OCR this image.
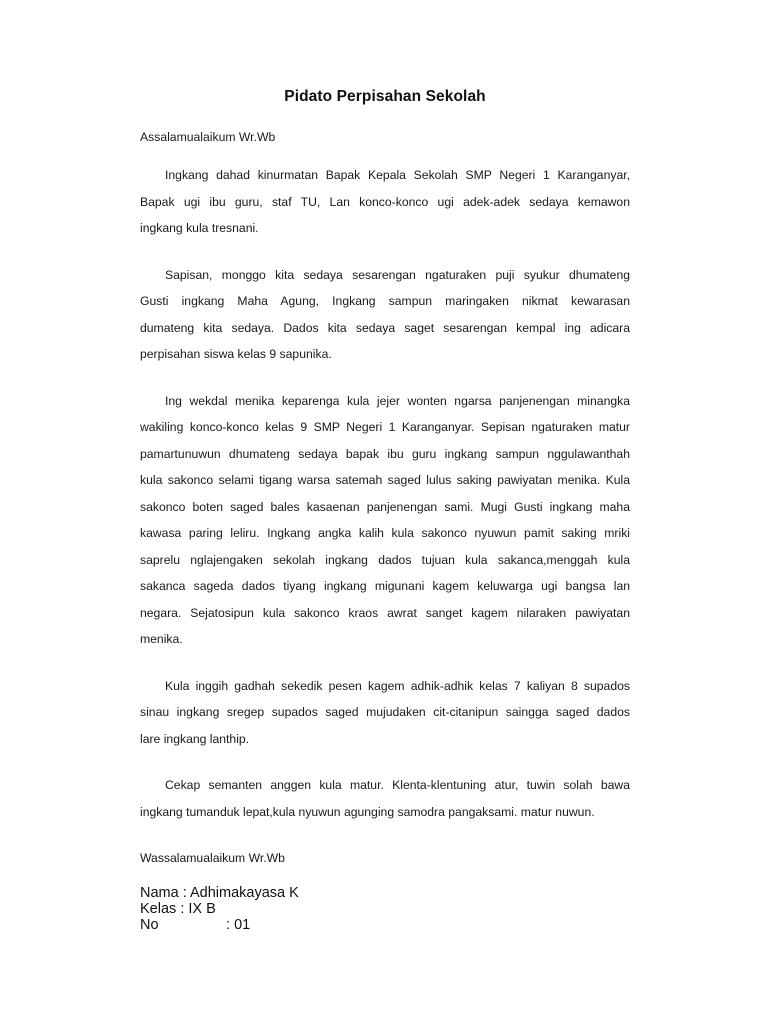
Pidato Perpisahan Sekolah

Assalamualaikum Wr.Wb

Ingkang dahad kinurmatan Bapak Kepala Sekolah SMP Negeri 1 Karanganyar,
Bapak ugi ibu guru, staf TU, Lan konco-konco ugi adek-adek sedaya kemawon
ingkang kula tresnani.
Sapisan, monggo kita sedaya sesarengan ngaturaken puji syukur dhumateng
Gusti ingkang Maha Agung, Ingkang sampun maringaken nikmat kewarasan
dumateng kita sedaya. Dados kita sedaya saget sesarengan kempal ing adicara
perpisahan siswa kelas 9 sapunika.
Ing wekdal menika keparenga kula jejer wonten ngarsa panjenengan minangka
wakiling konco-konco kelas 9 SMP Negeri 1 Karanganyar. Sepisan ngaturaken matur
pamartunuwun dhumateng sedaya bapak ibu guru ingkang sampun nggulawanthah
kula sakonco selami tigang warsa satemah saged lulus saking pawiyatan menika. Kula
sakonco boten saged bales kasaenan panjenengan sami. Mugi Gusti ingkang maha
kawasa paring leliru. Ingkang angka kalih kula sakonco nyuwun pamit saking mriki
saprelu nglajengaken sekolah ingkang dados tujuan kula sakanca,menggah kula
sakanca sageda dados tiyang ingkang migunani kagem keluwarga ugi bangsa lan
negara. Sejatosipun kula sakonco kraos awrat sanget kagem nilaraken pawiyatan
menika.
Kula inggih gadhah sekedik pesen kagem adhik-adhik kelas 7 kaliyan 8 supados
sinau ingkang sregep supados saged mujudaken cit-citanipun saingga saged dados
lare ingkang lanthip.
Cekap semanten anggen kula matur. Klenta-klentuning atur, tuwin solah bawa
ingkang tumanduk lepat,kula nyuwun agunging samodra pangaksami. matur nuwun.

Wassalamualaikum Wr.Wb

Nama
: Adhimakayasa K
Kelas
: IX B
No
	: 01
